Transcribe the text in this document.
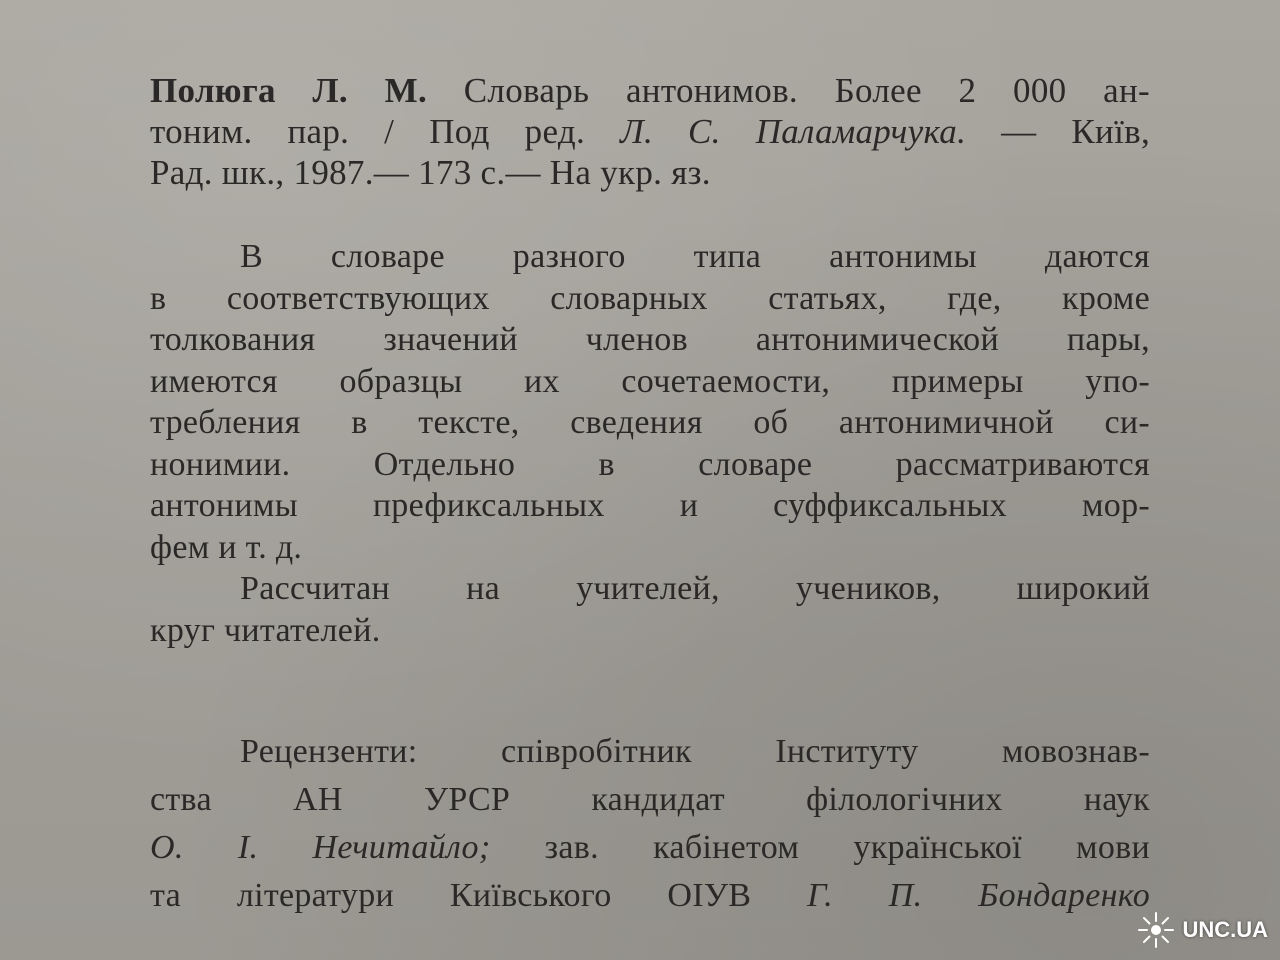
Полюга Л. М. Словарь антонимов. Более 2 000 ан-
тоним. пар. / Под ред. Л. С. Паламарчука. — Київ,
Рад. шк., 1987.— 173 с.— На укр. яз.
В словаре разного типа антонимы даются
в соответствующих словарных статьях, где, кроме
толкования значений членов антонимической пары,
имеются образцы их сочетаемости, примеры упо-
требления в тексте, сведения об антонимичной си-
нонимии. Отдельно в словаре рассматриваются
антонимы префиксальных и суффиксальных мор-
фем и т. д.
Рассчитан на учителей, учеников, широкий
круг читателей.
Рецензенти: співробітник Інституту мовознав-
ства АН УРСР кандидат філологічних наук
О. І. Нечитайло; зав. кабінетом української мови
та літератури Київського ОІУВ Г. П. Бондаренко
UNC.UA
